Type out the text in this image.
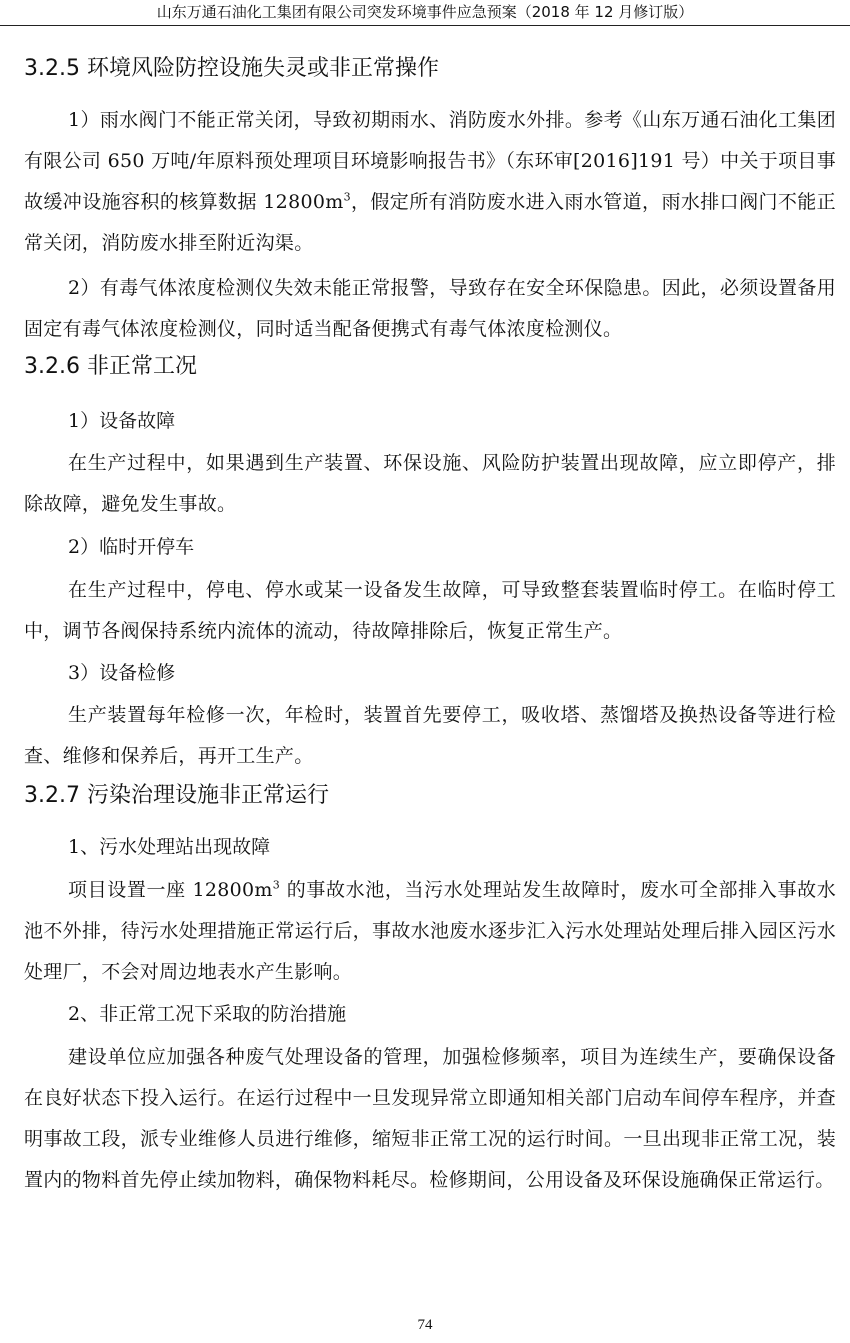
山东万通石油化工集团有限公司突发环境事件应急预案（2018 年 12 月修订版）
3.2.5 环境风险防控设施失灵或非正常操作
1）雨水阀门不能正常关闭，导致初期雨水、消防废水外排。参考《山东万通石油化工集团有限公司 650 万吨/年原料预处理项目环境影响报告书》（东环审[2016]191 号）中关于项目事故缓冲设施容积的核算数据 $12800m^3$，假定所有消防废水进入雨水管道，雨水排口阀门不能正常关闭，消防废水排至附近沟渠。
2）有毒气体浓度检测仪失效未能正常报警，导致存在安全环保隐患。因此，必须设置备用固定有毒气体浓度检测仪，同时适当配备便携式有毒气体浓度检测仪。
3.2.6 非正常工况
1）设备故障
在生产过程中，如果遇到生产装置、环保设施、风险防护装置出现故障，应立即停产，排除故障，避免发生事故。
2）临时开停车
在生产过程中，停电、停水或某一设备发生故障，可导致整套装置临时停工。在临时停工中，调节各阀保持系统内流体的流动，待故障排除后，恢复正常生产。
3）设备检修
生产装置每年检修一次，年检时，装置首先要停工，吸收塔、蒸馏塔及换热设备等进行检查、维修和保养后，再开工生产。
3.2.7 污染治理设施非正常运行
1、污水处理站出现故障
项目设置一座 $12800m^3$ 的事故水池，当污水处理站发生故障时，废水可全部排入事故水池不外排，待污水处理措施正常运行后，事故水池废水逐步汇入污水处理站处理后排入园区污水处理厂，不会对周边地表水产生影响。
2、非正常工况下采取的防治措施
建设单位应加强各种废气处理设备的管理，加强检修频率，项目为连续生产，要确保设备在良好状态下投入运行。在运行过程中一旦发现异常立即通知相关部门启动车间停车程序，并查明事故工段，派专业维修人员进行维修，缩短非正常工况的运行时间。一旦出现非正常工况，装置内的物料首先停止续加物料，确保物料耗尽。检修期间，公用设备及环保设施确保正常运行。
74
